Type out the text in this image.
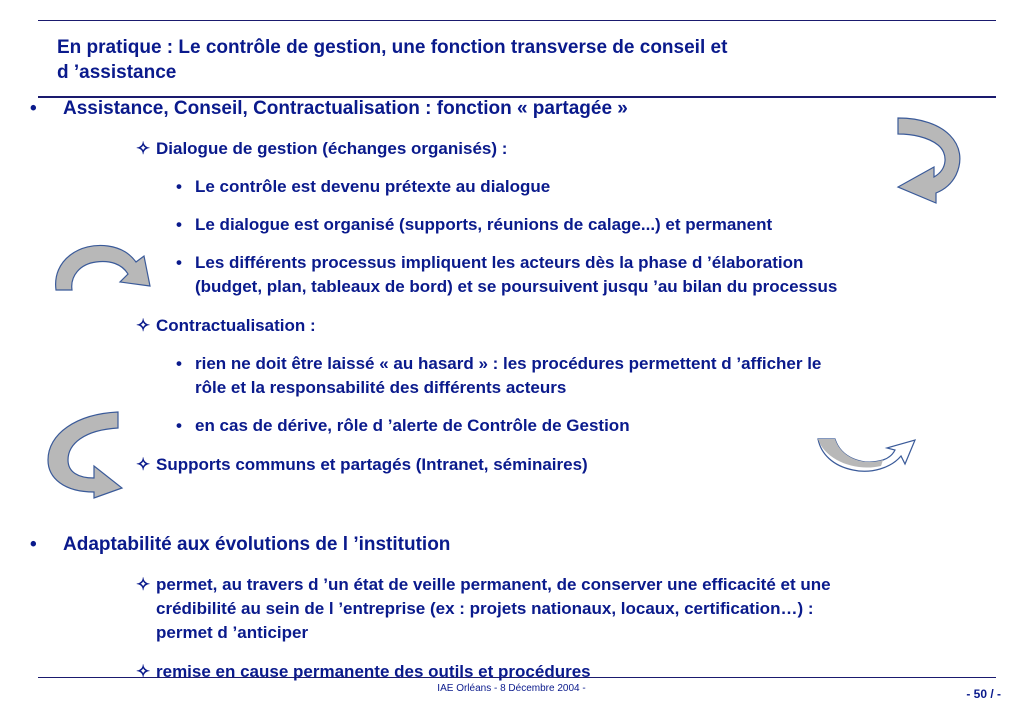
En pratique : Le contrôle de gestion, une fonction transverse de conseil et
d ’assistance
• Assistance, Conseil, Contractualisation : fonction « partagée »
✧ Dialogue de gestion (échanges organisés) :
• Le contrôle est devenu prétexte au dialogue
• Le dialogue est organisé (supports, réunions de calage...) et permanent
• Les différents processus impliquent les acteurs dès la phase d ’élaboration
(budget, plan, tableaux de bord) et se poursuivent jusqu ’au bilan du processus
✧ Contractualisation :
• rien ne doit être laissé « au hasard » : les procédures permettent d ’afficher le
rôle et la responsabilité des différents acteurs
• en cas de dérive, rôle d ’alerte de Contrôle de Gestion
✧ Supports communs et partagés (Intranet, séminaires)
• Adaptabilité aux évolutions de l ’institution
✧ permet, au travers d ’un état de veille permanent, de conserver une efficacité et une
crédibilité au sein de l ’entreprise (ex : projets nationaux, locaux, certification…) :
permet d ’anticiper
✧ remise en cause permanente des outils et procédures
IAE Orléans - 8 Décembre 2004 -	- 50 / -
